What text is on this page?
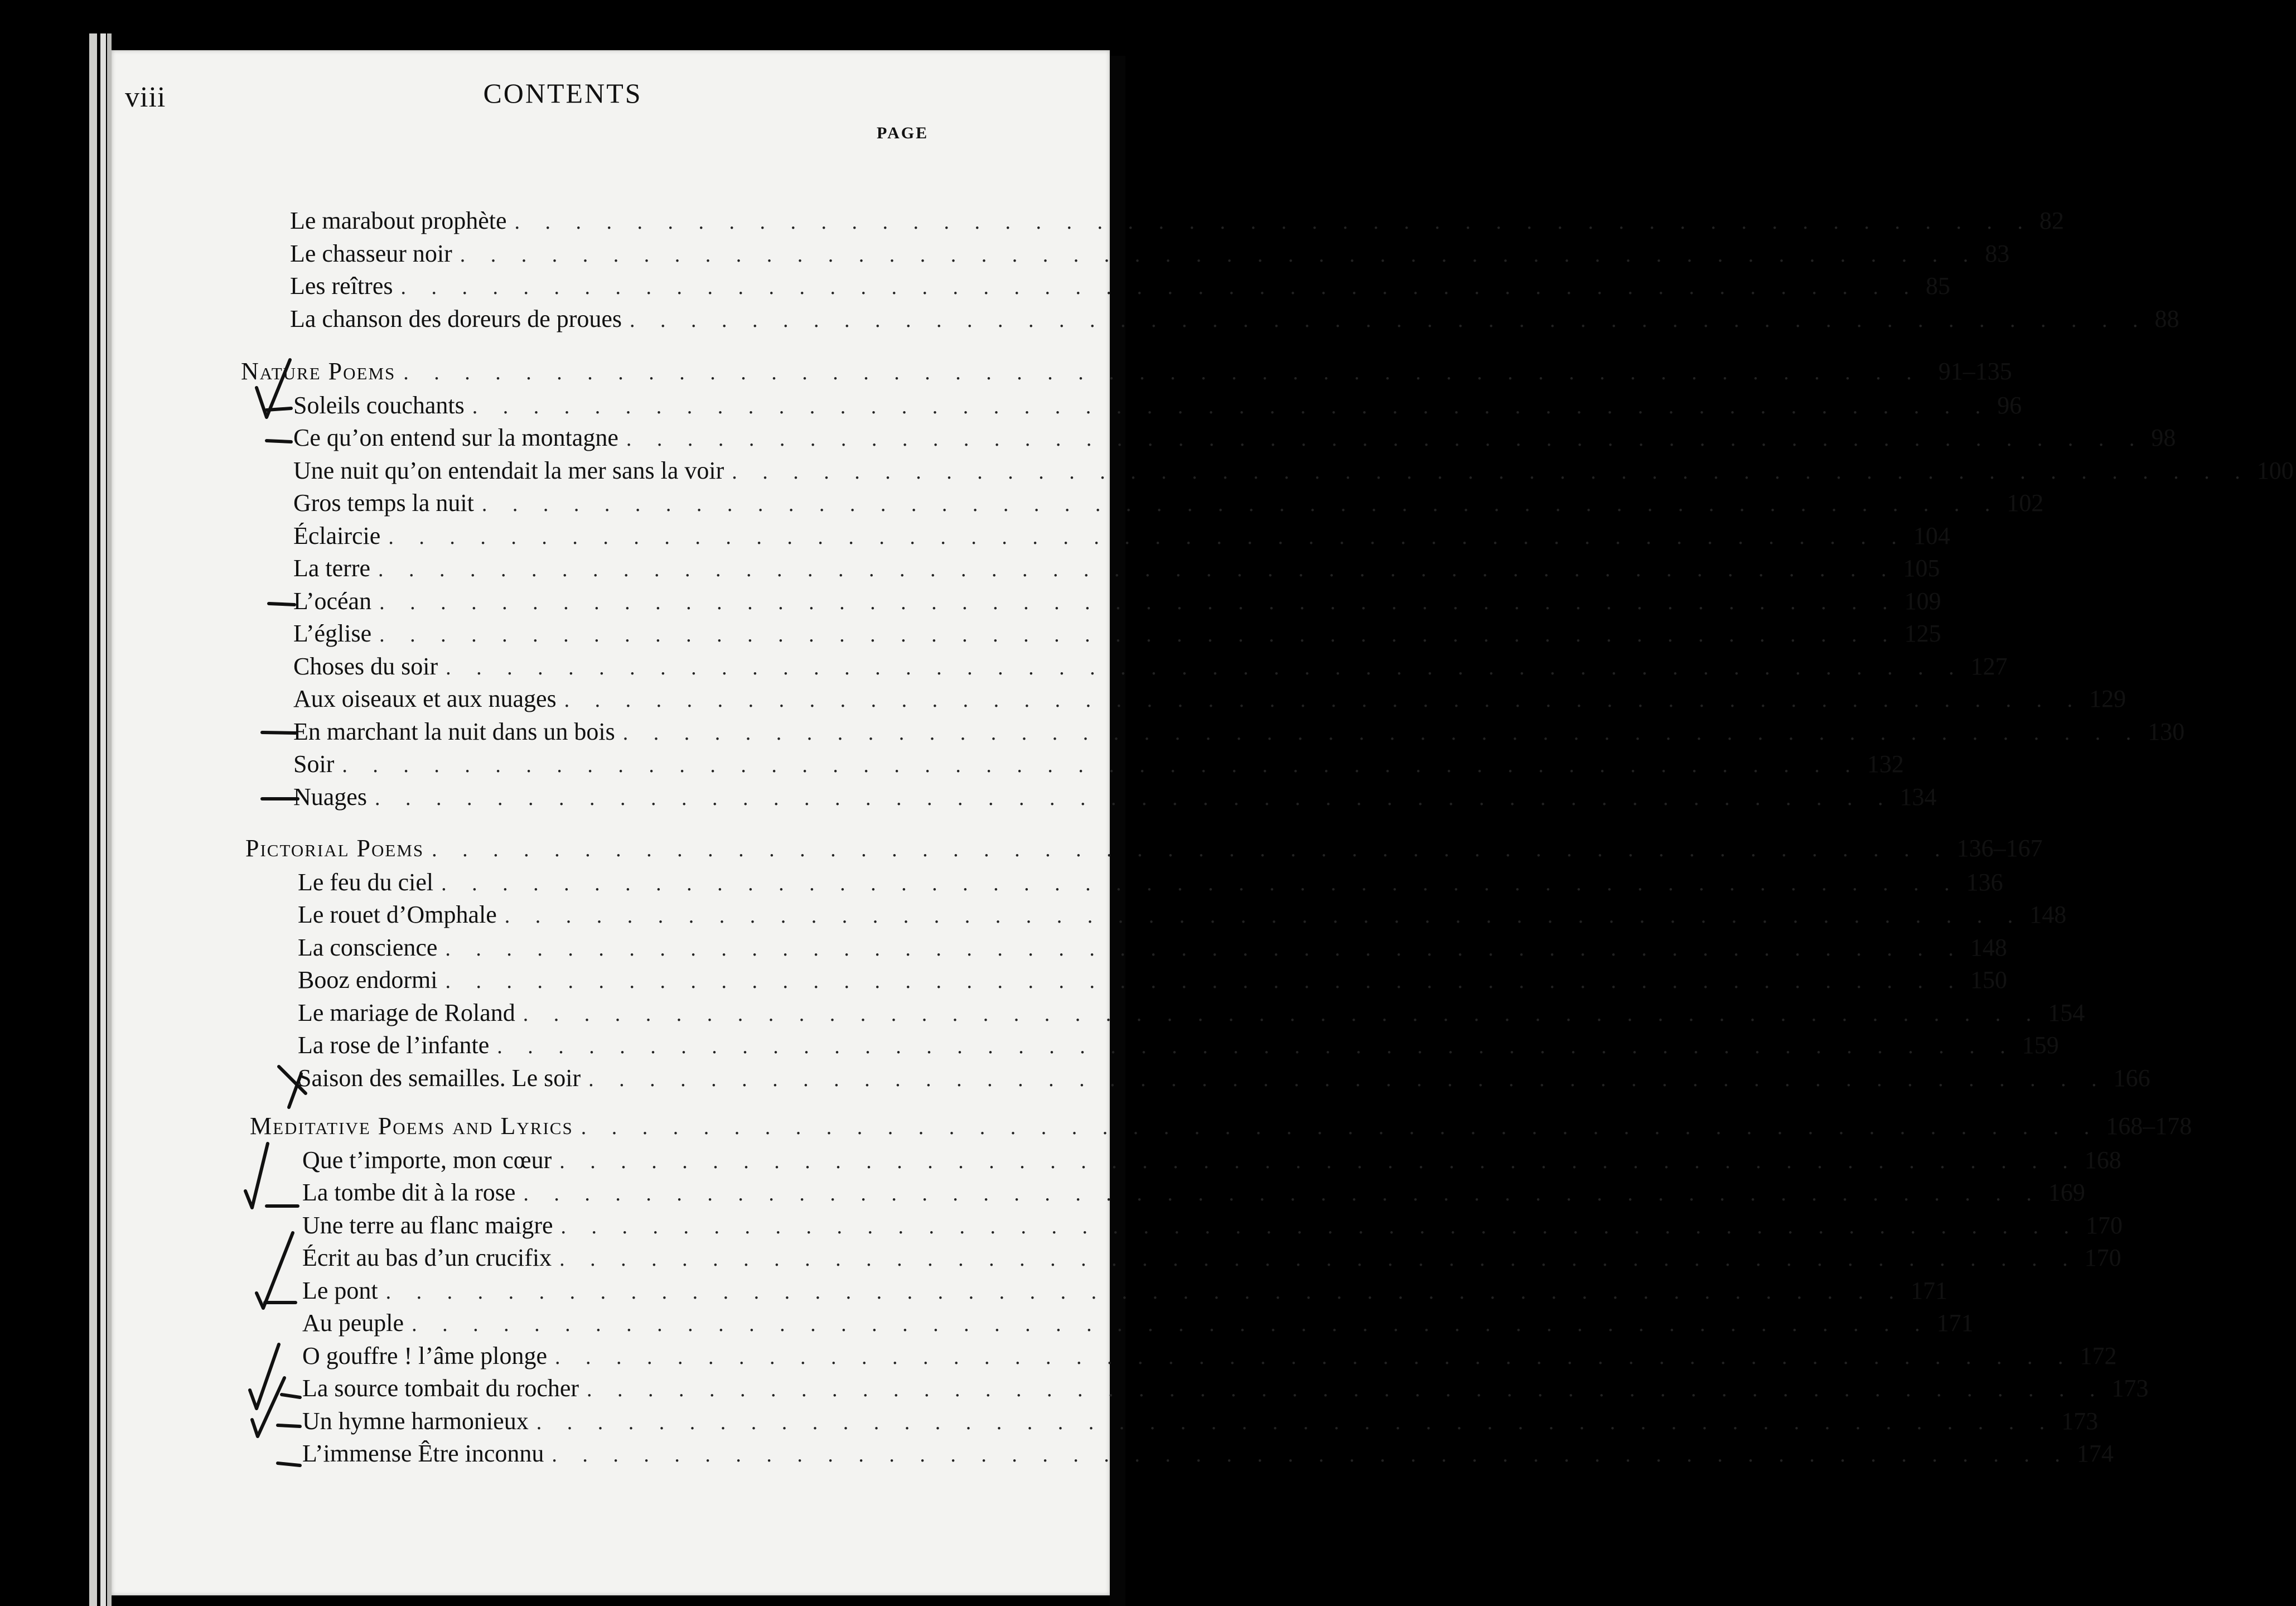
viii	CONTENTS
PAGE
Le marabout prophète . . . . . . . . . . . . . . . . . . . . . . . . . . . . . . . . . . . . . . . . . . . . . . . . . . 82
Le chasseur noir . . . . . . . . . . . . . . . . . . . . . . . . . . . . . . . . . . . . . . . . . . . . . . . . . . 83
Les reîtres . . . . . . . . . . . . . . . . . . . . . . . . . . . . . . . . . . . . . . . . . . . . . . . . . . 85
La chanson des doreurs de proues . . . . . . . . . . . . . . . . . . . . . . . . . . . . . . . . . . . . . . . . . . . . . . . . . . 88
Nature Poems . . . . . . . . . . . . . . . . . . . . . . . . . . . . . . . . . . . . . . . . . . . . . . . . . . 91–135
Soleils couchants . . . . . . . . . . . . . . . . . . . . . . . . . . . . . . . . . . . . . . . . . . . . . . . . . . 96
Ce qu’on entend sur la montagne . . . . . . . . . . . . . . . . . . . . . . . . . . . . . . . . . . . . . . . . . . . . . . . . . . 98
Une nuit qu’on entendait la mer sans la voir . . . . . . . . . . . . . . . . . . . . . . . . . . . . . . . . . . . . . . . . . . . . . . . . . . 100
Gros temps la nuit . . . . . . . . . . . . . . . . . . . . . . . . . . . . . . . . . . . . . . . . . . . . . . . . . . 102
Éclaircie . . . . . . . . . . . . . . . . . . . . . . . . . . . . . . . . . . . . . . . . . . . . . . . . . . 104
La terre . . . . . . . . . . . . . . . . . . . . . . . . . . . . . . . . . . . . . . . . . . . . . . . . . . 105
L’océan . . . . . . . . . . . . . . . . . . . . . . . . . . . . . . . . . . . . . . . . . . . . . . . . . . 109
L’église . . . . . . . . . . . . . . . . . . . . . . . . . . . . . . . . . . . . . . . . . . . . . . . . . . 125
Choses du soir . . . . . . . . . . . . . . . . . . . . . . . . . . . . . . . . . . . . . . . . . . . . . . . . . . 127
Aux oiseaux et aux nuages . . . . . . . . . . . . . . . . . . . . . . . . . . . . . . . . . . . . . . . . . . . . . . . . . . 129
En marchant la nuit dans un bois . . . . . . . . . . . . . . . . . . . . . . . . . . . . . . . . . . . . . . . . . . . . . . . . . . 130
Soir . . . . . . . . . . . . . . . . . . . . . . . . . . . . . . . . . . . . . . . . . . . . . . . . . . 132
Nuages . . . . . . . . . . . . . . . . . . . . . . . . . . . . . . . . . . . . . . . . . . . . . . . . . . 134
Pictorial Poems . . . . . . . . . . . . . . . . . . . . . . . . . . . . . . . . . . . . . . . . . . . . . . . . . . 136–167
Le feu du ciel . . . . . . . . . . . . . . . . . . . . . . . . . . . . . . . . . . . . . . . . . . . . . . . . . . 136
Le rouet d’Omphale . . . . . . . . . . . . . . . . . . . . . . . . . . . . . . . . . . . . . . . . . . . . . . . . . . 148
La conscience . . . . . . . . . . . . . . . . . . . . . . . . . . . . . . . . . . . . . . . . . . . . . . . . . . 148
Booz endormi . . . . . . . . . . . . . . . . . . . . . . . . . . . . . . . . . . . . . . . . . . . . . . . . . . 150
Le mariage de Roland . . . . . . . . . . . . . . . . . . . . . . . . . . . . . . . . . . . . . . . . . . . . . . . . . . 154
La rose de l’infante . . . . . . . . . . . . . . . . . . . . . . . . . . . . . . . . . . . . . . . . . . . . . . . . . . 159
Saison des semailles. Le soir . . . . . . . . . . . . . . . . . . . . . . . . . . . . . . . . . . . . . . . . . . . . . . . . . . 166
Meditative Poems and Lyrics . . . . . . . . . . . . . . . . . . . . . . . . . . . . . . . . . . . . . . . . . . . . . . . . . . 168–178
Que t’importe, mon cœur . . . . . . . . . . . . . . . . . . . . . . . . . . . . . . . . . . . . . . . . . . . . . . . . . . 168
La tombe dit à la rose . . . . . . . . . . . . . . . . . . . . . . . . . . . . . . . . . . . . . . . . . . . . . . . . . . 169
Une terre au flanc maigre . . . . . . . . . . . . . . . . . . . . . . . . . . . . . . . . . . . . . . . . . . . . . . . . . . 170
Écrit au bas d’un crucifix . . . . . . . . . . . . . . . . . . . . . . . . . . . . . . . . . . . . . . . . . . . . . . . . . . 170
Le pont . . . . . . . . . . . . . . . . . . . . . . . . . . . . . . . . . . . . . . . . . . . . . . . . . . 171
Au peuple . . . . . . . . . . . . . . . . . . . . . . . . . . . . . . . . . . . . . . . . . . . . . . . . . . 171
O gouffre ! l’âme plonge . . . . . . . . . . . . . . . . . . . . . . . . . . . . . . . . . . . . . . . . . . . . . . . . . . 172
La source tombait du rocher . . . . . . . . . . . . . . . . . . . . . . . . . . . . . . . . . . . . . . . . . . . . . . . . . . 173
Un hymne harmonieux . . . . . . . . . . . . . . . . . . . . . . . . . . . . . . . . . . . . . . . . . . . . . . . . . . 173
L’immense Être inconnu . . . . . . . . . . . . . . . . . . . . . . . . . . . . . . . . . . . . . . . . . . . . . . . . . . 174
